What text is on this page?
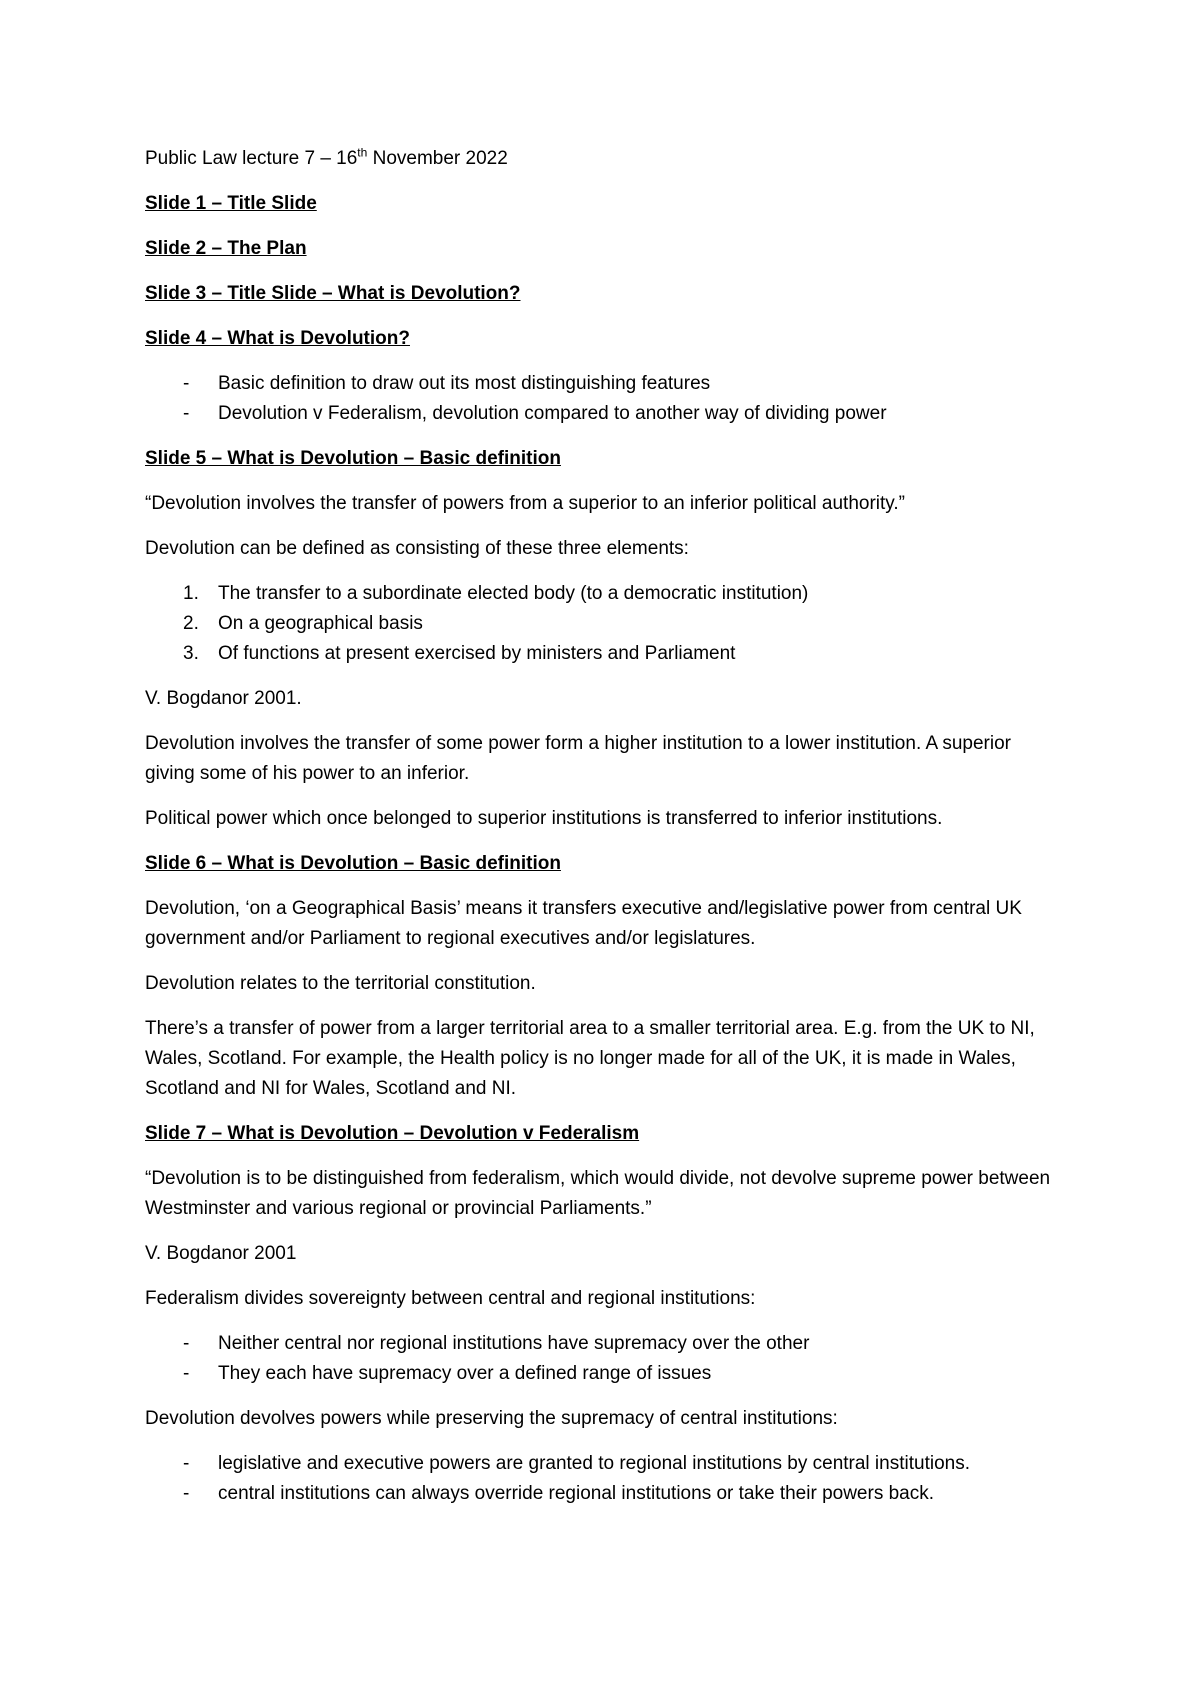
Public Law lecture 7 – 16th November 2022

Slide 1 – Title Slide

Slide 2 – The Plan

Slide 3 – Title Slide – What is Devolution?

Slide 4 – What is Devolution?

- Basic definition to draw out its most distinguishing features
- Devolution v Federalism, devolution compared to another way of dividing power

Slide 5 – What is Devolution – Basic definition

“Devolution involves the transfer of powers from a superior to an inferior political authority.”

Devolution can be defined as consisting of these three elements:

1. The transfer to a subordinate elected body (to a democratic institution)
2. On a geographical basis
3. Of functions at present exercised by ministers and Parliament

V. Bogdanor 2001.

Devolution involves the transfer of some power form a higher institution to a lower institution. A superior giving some of his power to an inferior.

Political power which once belonged to superior institutions is transferred to inferior institutions.

Slide 6 – What is Devolution – Basic definition

Devolution, ‘on a Geographical Basis’ means it transfers executive and/legislative power from central UK government and/or Parliament to regional executives and/or legislatures.

Devolution relates to the territorial constitution.

There’s a transfer of power from a larger territorial area to a smaller territorial area. E.g. from the UK to NI, Wales, Scotland. For example, the Health policy is no longer made for all of the UK, it is made in Wales, Scotland and NI for Wales, Scotland and NI.

Slide 7 – What is Devolution – Devolution v Federalism

“Devolution is to be distinguished from federalism, which would divide, not devolve supreme power between Westminster and various regional or provincial Parliaments.”

V. Bogdanor 2001

Federalism divides sovereignty between central and regional institutions:

- Neither central nor regional institutions have supremacy over the other
- They each have supremacy over a defined range of issues

Devolution devolves powers while preserving the supremacy of central institutions:

- legislative and executive powers are granted to regional institutions by central institutions.
- central institutions can always override regional institutions or take their powers back.
